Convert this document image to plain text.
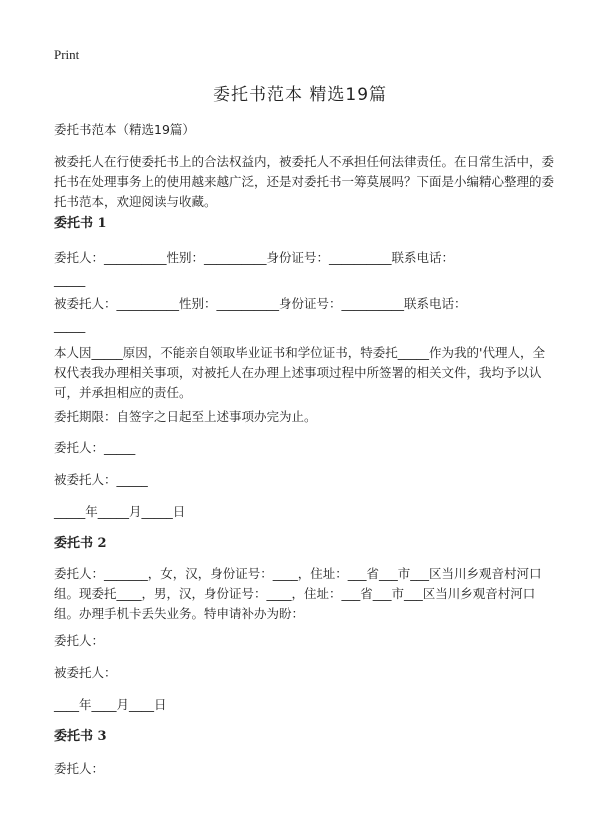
Print
委托书范本 精选19篇
委托书范本（精选19篇）
被委托人在行使委托书上的合法权益内，被委托人不承担任何法律责任。在日常生活中，委托书在处理事务上的使用越来越广泛，还是对委托书一筹莫展吗？下面是小编精心整理的委托书范本，欢迎阅读与收藏。
委托书 1
委托人：__________性别：__________身份证号：__________联系电话：
_____
被委托人：__________性别：__________身份证号：__________联系电话：
_____
本人因_____原因，不能亲自领取毕业证书和学位证书，特委托_____作为我的'代理人，全权代表我办理相关事项，对被托人在办理上述事项过程中所签署的相关文件，我均予以认可，并承担相应的责任。
委托期限：自签字之日起至上述事项办完为止。
委托人：_____
被委托人：_____
_____年_____月_____日
委托书 2
委托人：_______，女，汉，身份证号：____，住址：___省___市___区当川乡观音村河口组。现委托____，男，汉，身份证号：____，住址：___省___市___区当川乡观音村河口组。办理手机卡丢失业务。特申请补办为盼：
委托人：
被委托人：
____年____月____日
委托书 3
委托人：
